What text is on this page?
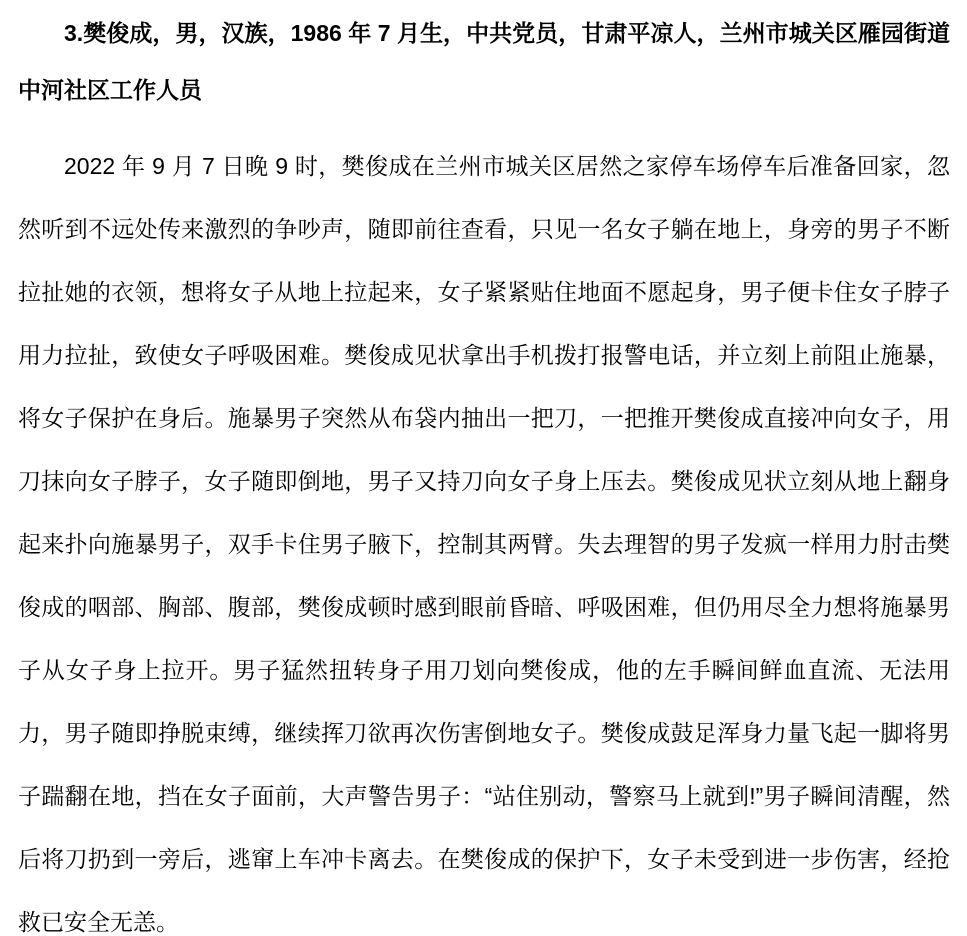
3.樊俊成，男，汉族，1986 年 7 月生，中共党员，甘肃平凉人，兰州市城关区雁园街道中河社区工作人员

2022 年 9 月 7 日晚 9 时，樊俊成在兰州市城关区居然之家停车场停车后准备回家，忽然听到不远处传来激烈的争吵声，随即前往查看，只见一名女子躺在地上，身旁的男子不断拉扯她的衣领，想将女子从地上拉起来，女子紧紧贴住地面不愿起身，男子便卡住女子脖子用力拉扯，致使女子呼吸困难。樊俊成见状拿出手机拨打报警电话，并立刻上前阻止施暴，将女子保护在身后。施暴男子突然从布袋内抽出一把刀，一把推开樊俊成直接冲向女子，用刀抹向女子脖子，女子随即倒地，男子又持刀向女子身上压去。樊俊成见状立刻从地上翻身起来扑向施暴男子，双手卡住男子腋下，控制其两臂。失去理智的男子发疯一样用力肘击樊俊成的咽部、胸部、腹部，樊俊成顿时感到眼前昏暗、呼吸困难，但仍用尽全力想将施暴男子从女子身上拉开。男子猛然扭转身子用刀划向樊俊成，他的左手瞬间鲜血直流、无法用力，男子随即挣脱束缚，继续挥刀欲再次伤害倒地女子。樊俊成鼓足浑身力量飞起一脚将男子踹翻在地，挡在女子面前，大声警告男子：“站住别动，警察马上就到!”男子瞬间清醒，然后将刀扔到一旁后，逃窜上车冲卡离去。在樊俊成的保护下，女子未受到进一步伤害，经抢救已安全无恙。
